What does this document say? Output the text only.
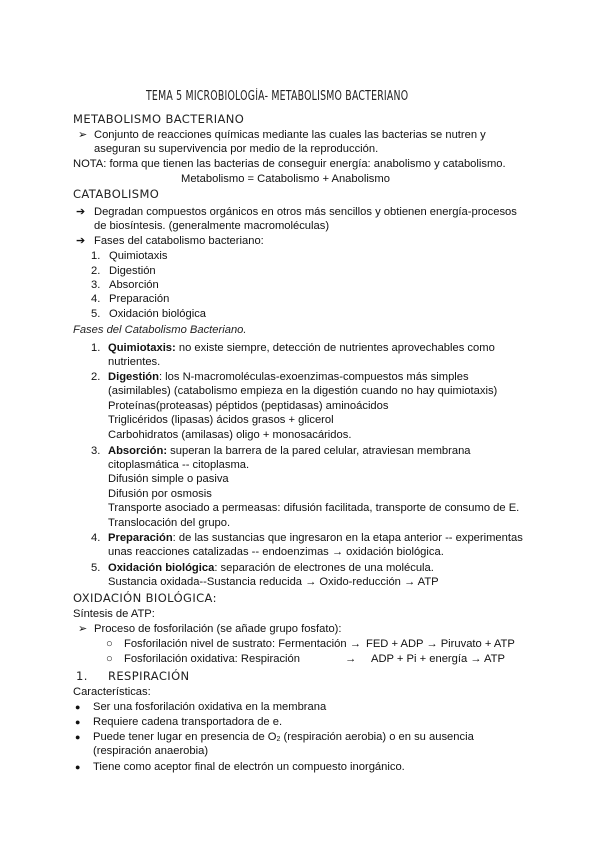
TEMA 5 MICROBIOLOGÍA- METABOLISMO BACTERIANO
METABOLISMO BACTERIANO
➢ Conjunto de reacciones químicas mediante las cuales las bacterias se nutren y
aseguran su supervivencia por medio de la reproducción.
NOTA: forma que tienen las bacterias de conseguir energía: anabolismo y catabolismo.
Metabolismo = Catabolismo + Anabolismo
CATABOLISMO
➔ Degradan compuestos orgánicos en otros más sencillos y obtienen energía-procesos
de biosíntesis. (generalmente macromoléculas)
➔ Fases del catabolismo bacteriano:
1. Quimiotaxis
2. Digestión
3. Absorción
4. Preparación
5. Oxidación biológica
Fases del Catabolismo Bacteriano.
1. Quimiotaxis: no existe siempre, detección de nutrientes aprovechables como
nutrientes.
2. Digestión: los N-macromoléculas-exoenzimas-compuestos más simples
(asimilables) (catabolismo empieza en la digestión cuando no hay quimiotaxis)
Proteínas(proteasas) péptidos (peptidasas) aminoácidos
Triglicéridos (lipasas) ácidos grasos + glicerol
Carbohidratos (amilasas) oligo + monosacáridos.
3. Absorción: superan la barrera de la pared celular, atraviesan membrana
citoplasmática -- citoplasma.
Difusión simple o pasiva
Difusión por osmosis
Transporte asociado a permeasas: difusión facilitada, transporte de consumo de E.
Translocación del grupo.
4. Preparación: de las sustancias que ingresaron en la etapa anterior -- experimentas
unas reacciones catalizadas -- endoenzimas → oxidación biológica.
5. Oxidación biológica: separación de electrones de una molécula.
Sustancia oxidada--Sustancia reducida → Oxido-reducción → ATP
OXIDACIÓN BIOLÓGICA:
Síntesis de ATP:
➢ Proceso de fosforilación (se añade grupo fosfato):
○ Fosforilación nivel de sustrato: Fermentación → FED + ADP → Piruvato + ATP
○ Fosforilación oxidativa: Respiración	→ ADP + Pi + energía → ATP
1. RESPIRACIÓN
Características:
● Ser una fosforilación oxidativa en la membrana
● Requiere cadena transportadora de e.
● Puede tener lugar en presencia de $O_2$ (respiración aerobia) o en su ausencia
(respiración anaerobia)
● Tiene como aceptor final de electrón un compuesto inorgánico.
